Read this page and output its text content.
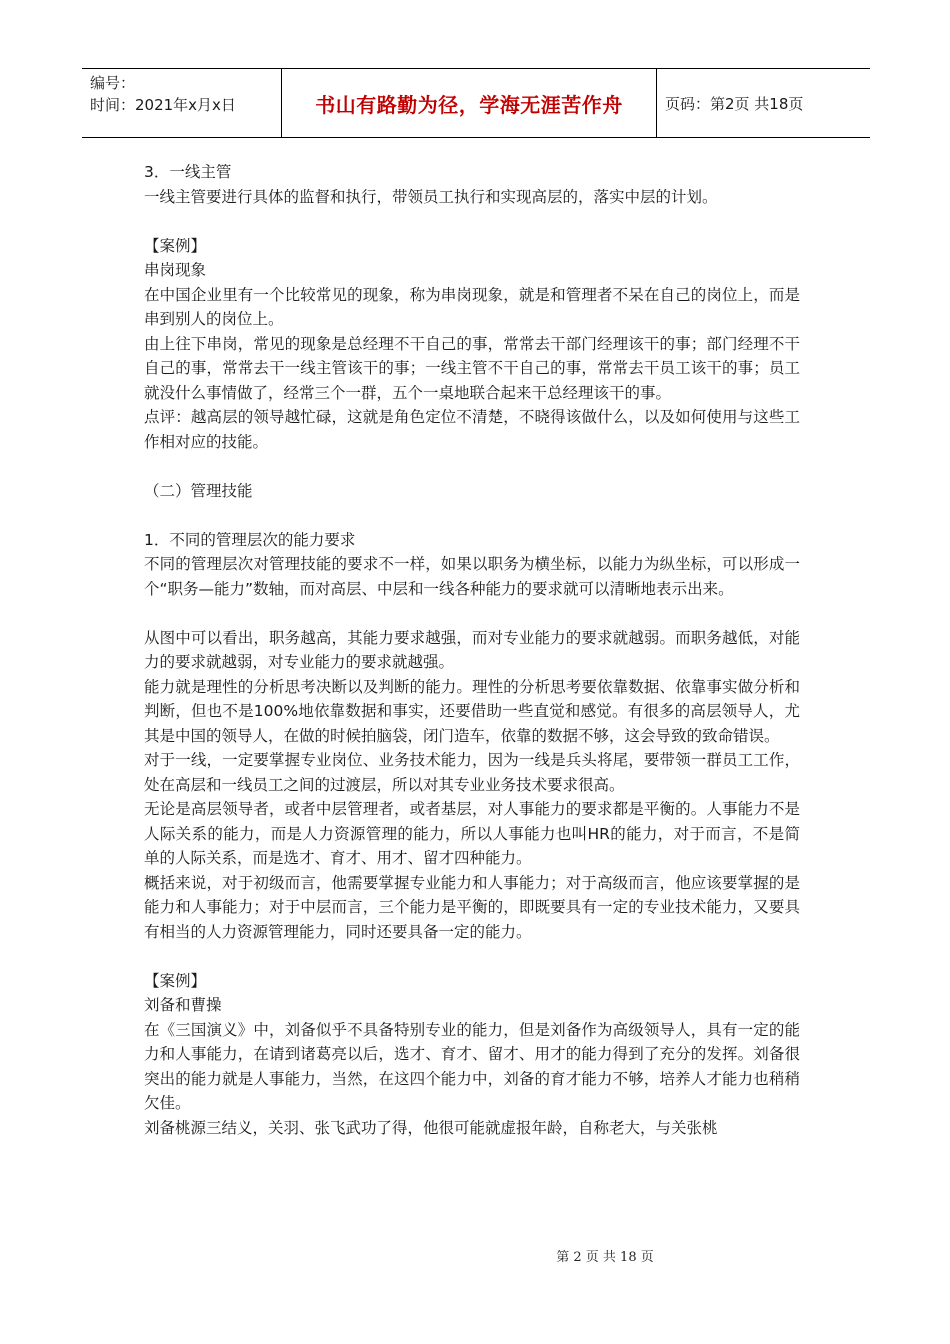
编号：
时间：2021年x月x日	书山有路勤为径，学海无涯苦作舟	页码：第2页 共18页

3．一线主管

一线主管要进行具体的监督和执行，带领员工执行和实现高层的，落实中层的计划。

【案例】

串岗现象

在中国企业里有一个比较常见的现象，称为串岗现象，就是和管理者不呆在自己的岗位上，而是串到别人的岗位上。

由上往下串岗，常见的现象是总经理不干自己的事，常常去干部门经理该干的事；部门经理不干自己的事，常常去干一线主管该干的事；一线主管不干自己的事，常常去干员工该干的事；员工就没什么事情做了，经常三个一群，五个一桌地联合起来干总经理该干的事。

点评：越高层的领导越忙碌，这就是角色定位不清楚，不晓得该做什么，以及如何使用与这些工作相对应的技能。

（二）管理技能

1．不同的管理层次的能力要求

不同的管理层次对管理技能的要求不一样，如果以职务为横坐标，以能力为纵坐标，可以形成一个“职务—能力”数轴，而对高层、中层和一线各种能力的要求就可以清晰地表示出来。

从图中可以看出，职务越高，其能力要求越强，而对专业能力的要求就越弱。而职务越低，对能力的要求就越弱，对专业能力的要求就越强。

能力就是理性的分析思考决断以及判断的能力。理性的分析思考要依靠数据、依靠事实做分析和判断，但也不是100%地依靠数据和事实，还要借助一些直觉和感觉。有很多的高层领导人，尤其是中国的领导人，在做的时候拍脑袋，闭门造车，依靠的数据不够，这会导致的致命错误。

对于一线，一定要掌握专业岗位、业务技术能力，因为一线是兵头将尾，要带领一群员工工作，处在高层和一线员工之间的过渡层，所以对其专业业务技术要求很高。

无论是高层领导者，或者中层管理者，或者基层，对人事能力的要求都是平衡的。人事能力不是人际关系的能力，而是人力资源管理的能力，所以人事能力也叫HR的能力，对于而言，不是简单的人际关系，而是选才、育才、用才、留才四种能力。

概括来说，对于初级而言，他需要掌握专业能力和人事能力；对于高级而言，他应该要掌握的是能力和人事能力；对于中层而言，三个能力是平衡的，即既要具有一定的专业技术能力，又要具有相当的人力资源管理能力，同时还要具备一定的能力。

【案例】

刘备和曹操

在《三国演义》中，刘备似乎不具备特别专业的能力，但是刘备作为高级领导人，具有一定的能力和人事能力，在请到诸葛亮以后，选才、育才、留才、用才的能力得到了充分的发挥。刘备很突出的能力就是人事能力，当然，在这四个能力中，刘备的育才能力不够，培养人才能力也稍稍欠佳。

刘备桃源三结义，关羽、张飞武功了得，他很可能就虚报年龄，自称老大，与关张桃

第 2 页 共 18 页
